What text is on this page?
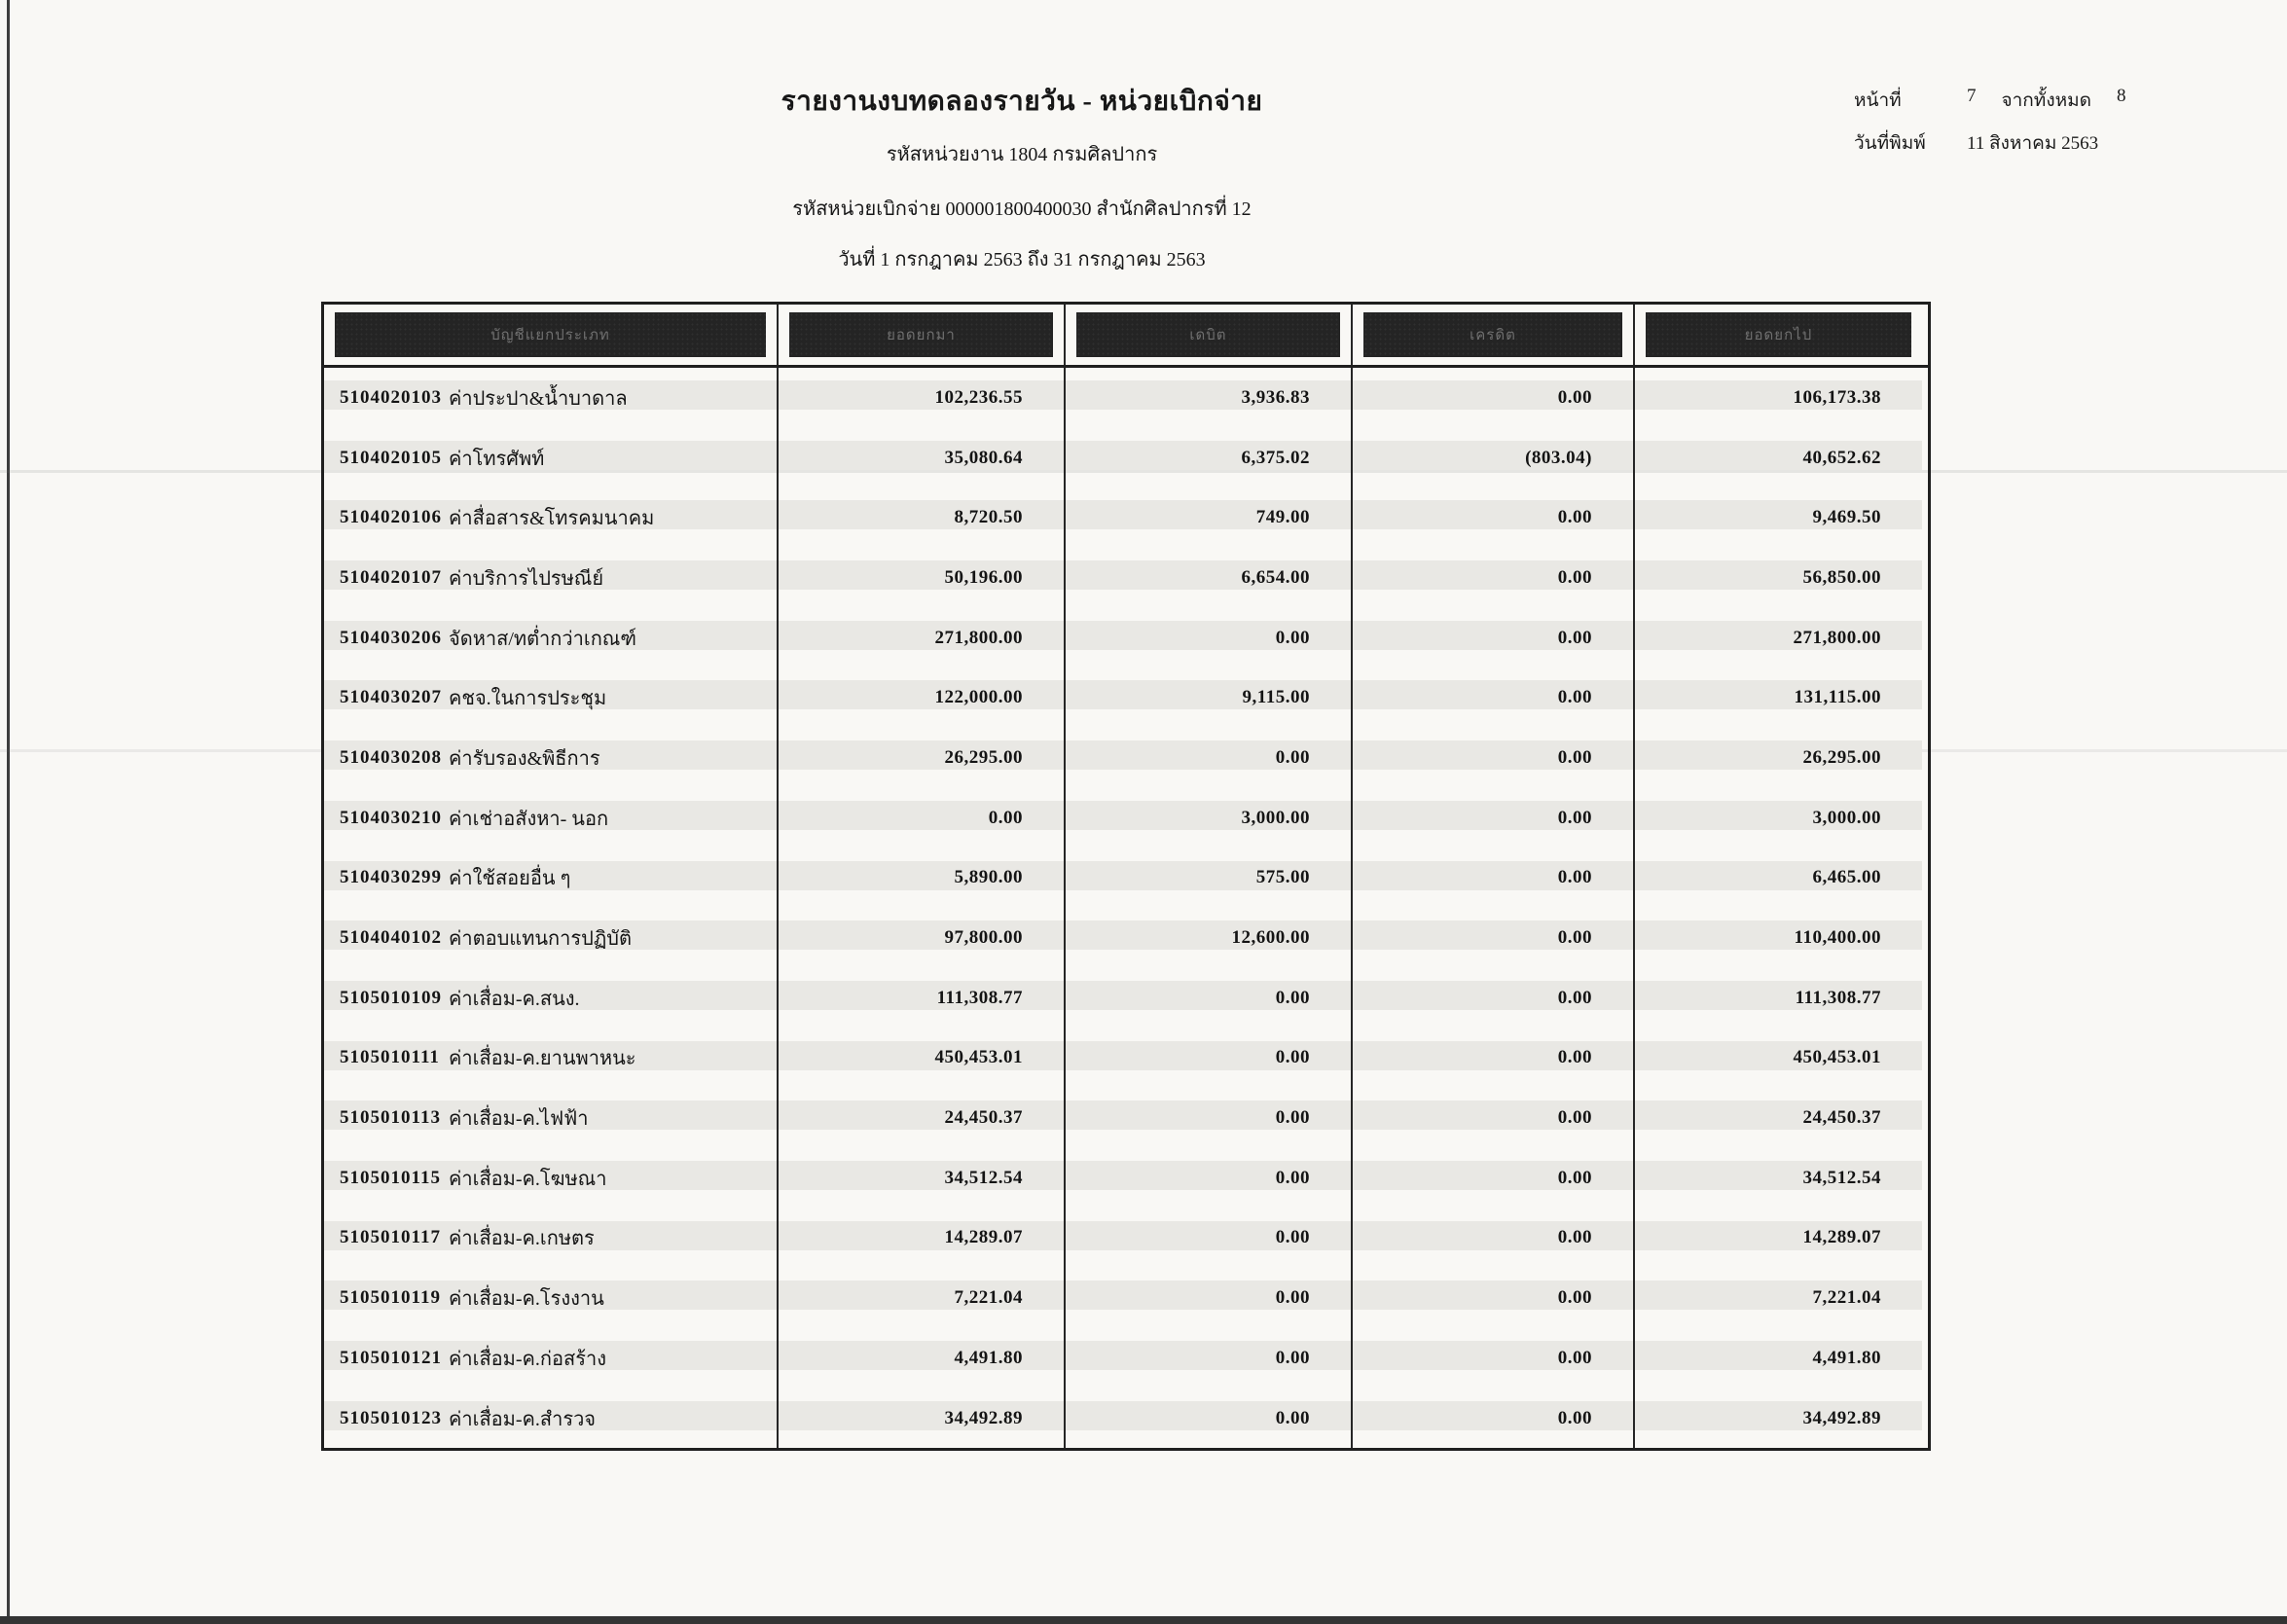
รายงานงบทดลองรายวัน - หน่วยเบิกจ่าย
รหัสหน่วยงาน 1804 กรมศิลปากร
รหัสหน่วยเบิกจ่าย 000001800400030 สำนักศิลปากรที่ 12
วันที่ 1 กรกฎาคม 2563 ถึง 31 กรกฎาคม 2563
หน้าที่	7 จากทั้งหมด 8
วันที่พิมพ์	11 สิงหาคม 2563
บัญชีแยกประเภท	ยอดยกมา	เดบิต	เครดิต	ยอดยกไป
5104020103 ค่าประปา&น้ำบาดาล	102,236.55	3,936.83	0.00	106,173.38
5104020105 ค่าโทรศัพท์	35,080.64	6,375.02	(803.04)	40,652.62
5104020106 ค่าสื่อสาร&โทรคมนาคม	8,720.50	749.00	0.00	9,469.50
5104020107 ค่าบริการไปรษณีย์	50,196.00	6,654.00	0.00	56,850.00
5104030206 จัดหาส/ทต่ำกว่าเกณฑ์	271,800.00	0.00	0.00	271,800.00
5104030207 คชจ.ในการประชุม	122,000.00	9,115.00	0.00	131,115.00
5104030208 ค่ารับรอง&พิธีการ	26,295.00	0.00	0.00	26,295.00
5104030210 ค่าเช่าอสังหา- นอก	0.00	3,000.00	0.00	3,000.00
5104030299 ค่าใช้สอยอื่น ๆ	5,890.00	575.00	0.00	6,465.00
5104040102 ค่าตอบแทนการปฏิบัติ	97,800.00	12,600.00	0.00	110,400.00
5105010109 ค่าเสื่อม-ค.สนง.	111,308.77	0.00	0.00	111,308.77
5105010111 ค่าเสื่อม-ค.ยานพาหนะ	450,453.01	0.00	0.00	450,453.01
5105010113 ค่าเสื่อม-ค.ไฟฟ้า	24,450.37	0.00	0.00	24,450.37
5105010115 ค่าเสื่อม-ค.โฆษณา	34,512.54	0.00	0.00	34,512.54
5105010117 ค่าเสื่อม-ค.เกษตร	14,289.07	0.00	0.00	14,289.07
5105010119 ค่าเสื่อม-ค.โรงงาน	7,221.04	0.00	0.00	7,221.04
5105010121 ค่าเสื่อม-ค.ก่อสร้าง	4,491.80	0.00	0.00	4,491.80
5105010123 ค่าเสื่อม-ค.สำรวจ	34,492.89	0.00	0.00	34,492.89
